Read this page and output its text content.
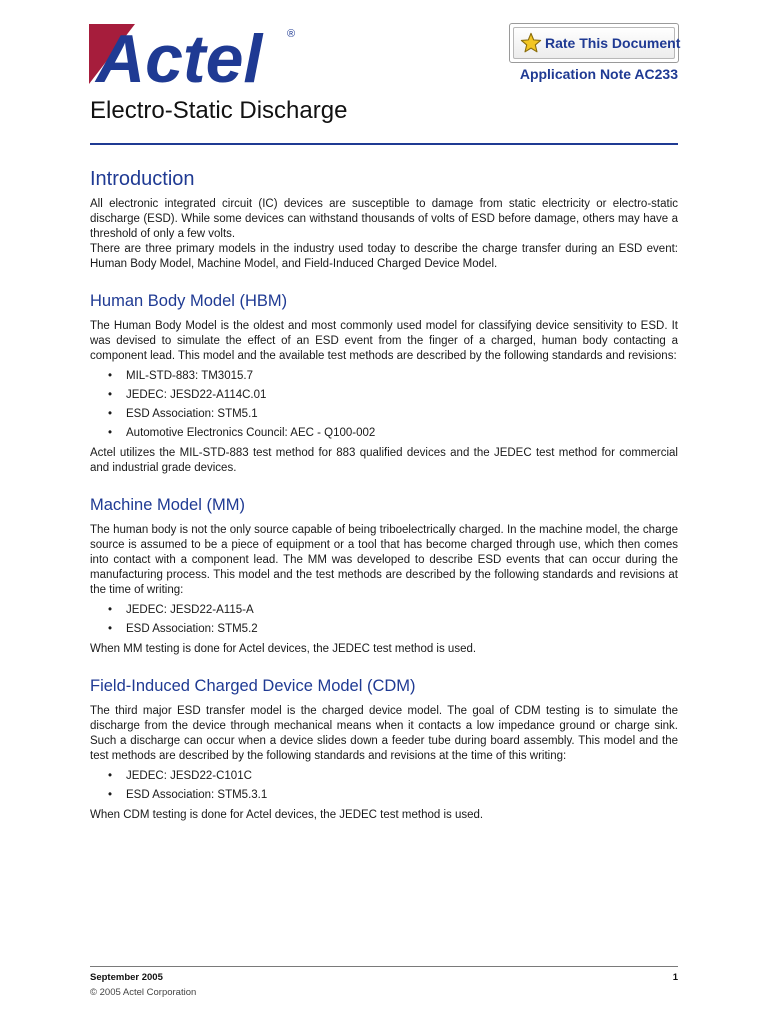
Actel ®
Rate This Document
Application Note AC233
Electro-Static Discharge
Introduction

All electronic integrated circuit (IC) devices are susceptible to damage from static electricity or electro-static discharge (ESD). While some devices can withstand thousands of volts of ESD before damage, others may have a threshold of only a few volts.

There are three primary models in the industry used today to describe the charge transfer during an ESD event: Human Body Model, Machine Model, and Field-Induced Charged Device Model.

Human Body Model (HBM)

The Human Body Model is the oldest and most commonly used model for classifying device sensitivity to ESD. It was devised to simulate the effect of an ESD event from the finger of a charged, human body contacting a component lead. This model and the available test methods are described by the following standards and revisions:

• MIL-STD-883: TM3015.7
• JEDEC: JESD22-A114C.01
• ESD Association: STM5.1
• Automotive Electronics Council: AEC - Q100-002

Actel utilizes the MIL-STD-883 test method for 883 qualified devices and the JEDEC test method for commercial and industrial grade devices.

Machine Model (MM)

The human body is not the only source capable of being triboelectrically charged. In the machine model, the charge source is assumed to be a piece of equipment or a tool that has become charged through use, which then comes into contact with a component lead. The MM was developed to describe ESD events that can occur during the manufacturing process. This model and the test methods are described by the following standards and revisions at the time of writing:

• JEDEC: JESD22-A115-A
• ESD Association: STM5.2

When MM testing is done for Actel devices, the JEDEC test method is used.

Field-Induced Charged Device Model (CDM)

The third major ESD transfer model is the charged device model. The goal of CDM testing is to simulate the discharge from the device through mechanical means when it contacts a low impedance ground or charge sink. Such a discharge can occur when a device slides down a feeder tube during board assembly. This model and the test methods are described by the following standards and revisions at the time of this writing:

• JEDEC: JESD22-C101C
• ESD Association: STM5.3.1

When CDM testing is done for Actel devices, the JEDEC test method is used.

September 2005	1
© 2005 Actel Corporation
